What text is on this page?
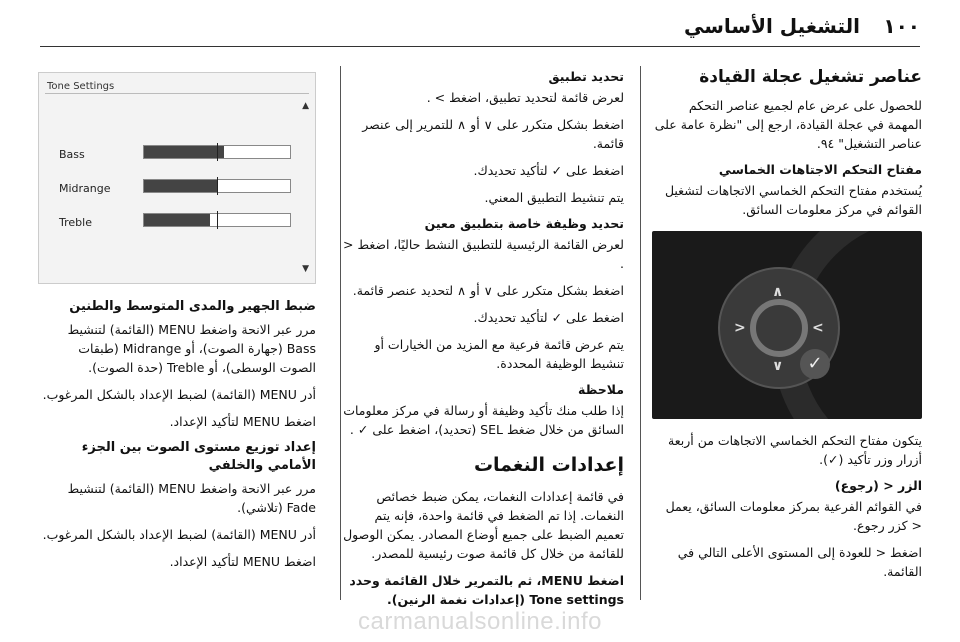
١٠٠
التشغيل الأساسي
عناصر تشغيل عجلة القيادة

للحصول على عرض عام لجميع عناصر التحكم المهمة في عجلة القيادة، ارجع إلى "نظرة عامة على عناصر التشغيل" ٩٤.

مفتاح التحكم الاجتاهات الخماسي

يُستخدم مفتاح التحكم الخماسي الاتجاهات لتشغيل القوائم في مركز معلومات السائق.

✓
∧
∨
<	>

يتكون مفتاح التحكم الخماسي الاتجاهات من أربعة أزرار وزر تأكيد (✓).

الزر < (رجوع)

في القوائم الفرعية بمركز معلومات السائق، يعمل < كزر رجوع.

اضغط < للعودة إلى المستوى الأعلى التالي في القائمة.

تحديد تطبيق

لعرض قائمة لتحديد تطبيق، اضغط > .

اضغط بشكل متكرر على ∨ أو ∧ للتمرير إلى عنصر قائمة.

اضغط على ✓ لتأكيد تحديدك.

يتم تنشيط التطبيق المعني.

تحديد وظيفة خاصة بتطبيق معين

لعرض القائمة الرئيسية للتطبيق النشط حاليًا، اضغط < .

اضغط بشكل متكرر على ∨ أو ∧ لتحديد عنصر قائمة.

اضغط على ✓ لتأكيد تحديدك.

يتم عرض قائمة فرعية مع المزيد من الخيارات أو تنشيط الوظيفة المحددة.

ملاحظة

إذا طلب منك تأكيد وظيفة أو رسالة في مركز معلومات السائق من خلال ضغط SEL (تحديد)، اضغط على ✓ .

إعدادات النغمات

في قائمة إعدادات النغمات، يمكن ضبط خصائص النغمات. إذا تم الضغط في قائمة واحدة، فإنه يتم تعميم الضبط على جميع أوضاع المصادر. يمكن الوصول للقائمة من خلال كل قائمة صوت رئيسية للمصدر.

اضغط MENU، ثم بالتمرير خلال القائمة وحدد Tone settings (إعدادات نغمة الرنين).

Tone Settings
▲
Bass
Midrange
Treble
▼
ضبط الجهير والمدى المتوسط والطنين

مرر عبر الانحة واضغط MENU (القائمة) لتنشيط Bass (جهارة الصوت)، أو Midrange (طبقات الصوت الوسطى)، أو Treble (حدة الصوت).

أدر MENU (القائمة) لضبط الإعداد بالشكل المرغوب.

اضغط MENU لتأكيد الإعداد.

إعداد توزيع مستوى الصوت بين الجزء الأمامي والخلفي

مرر عبر الانحة واضغط MENU (القائمة) لتنشيط Fade (تلاشي).

أدر MENU (القائمة) لضبط الإعداد بالشكل المرغوب.

اضغط MENU لتأكيد الإعداد.

carmanualsonline.info
